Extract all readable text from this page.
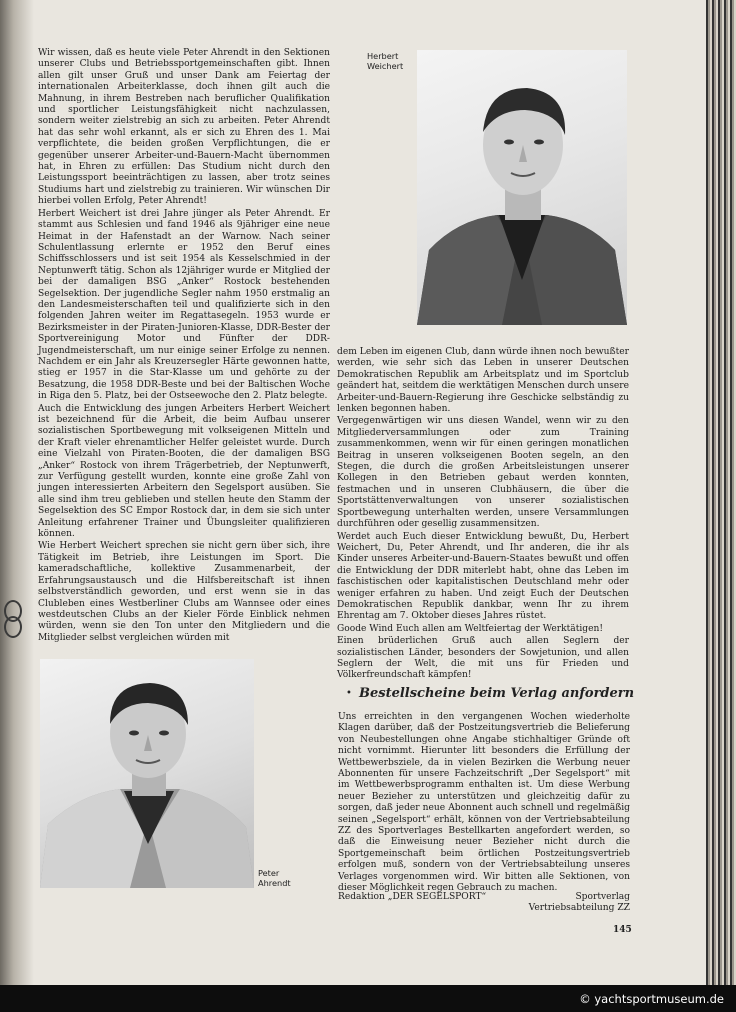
Wir wissen, daß es heute viele Peter Ahrendt in den Sektionen unserer Clubs und Betriebssportgemeinschaften gibt. Ihnen allen gilt unser Gruß und unser Dank am Feiertag der internationalen Arbeiterklasse, doch ihnen gilt auch die Mahnung, in ihrem Bestreben nach beruflicher Qualifikation und sportlicher Leistungsfähigkeit nicht nachzulassen, sondern weiter zielstrebig an sich zu arbeiten. Peter Ahrendt hat das sehr wohl erkannt, als er sich zu Ehren des 1. Mai verpflichtete, die beiden großen Verpflichtungen, die er gegenüber unserer Arbeiter-und-Bauern-Macht übernommen hat, in Ehren zu erfüllen: Das Studium nicht durch den Leistungssport beeinträchtigen zu lassen, aber trotz seines Studiums hart und zielstrebig zu trainieren. Wir wünschen Dir hierbei vollen Erfolg, Peter Ahrendt!

Herbert Weichert ist drei Jahre jünger als Peter Ahrendt. Er stammt aus Schlesien und fand 1946 als 9jähriger eine neue Heimat in der Hafenstadt an der Warnow. Nach seiner Schulentlassung erlernte er 1952 den Beruf eines Schiffsschlossers und ist seit 1954 als Kesselschmied in der Neptunwerft tätig. Schon als 12jähriger wurde er Mitglied der bei der damaligen BSG „Anker“ Rostock bestehenden Segelsektion. Der jugendliche Segler nahm 1950 erstmalig an den Landesmeisterschaften teil und qualifizierte sich in den folgenden Jahren weiter im Regattasegeln. 1953 wurde er Bezirksmeister in der Piraten-Junioren-Klasse, DDR-Bester der Sportvereinigung Motor und Fünfter der DDR-Jugendmeisterschaft, um nur einige seiner Erfolge zu nennen. Nachdem er ein Jahr als Kreuzersegler Härte gewonnen hatte, stieg er 1957 in die Star-Klasse um und gehörte zu der Besatzung, die 1958 DDR-Beste und bei der Baltischen Woche in Riga den 5. Platz, bei der Ostseewoche den 2. Platz belegte.

Auch die Entwicklung des jungen Arbeiters Herbert Weichert ist bezeichnend für die Arbeit, die beim Aufbau unserer sozialistischen Sportbewegung mit volkseigenen Mitteln und der Kraft vieler ehrenamtlicher Helfer geleistet wurde. Durch eine Vielzahl von Piraten-Booten, die der damaligen BSG „Anker“ Rostock von ihrem Trägerbetrieb, der Neptunwerft, zur Verfügung gestellt wurden, konnte eine große Zahl von jungen interessierten Arbeitern den Segelsport ausüben. Sie alle sind ihm treu geblieben und stellen heute den Stamm der Segelsektion des SC Empor Rostock dar, in dem sie sich unter Anleitung erfahrener Trainer und Übungsleiter qualifizieren können.

Wie Herbert Weichert sprechen sie nicht gern über sich, ihre Tätigkeit im Betrieb, ihre Leistungen im Sport. Die kameradschaftliche, kollektive Zusammenarbeit, der Erfahrungsaustausch und die Hilfsbereitschaft ist ihnen selbstverständlich geworden, und erst wenn sie in das Clubleben eines Westberliner Clubs am Wannsee oder eines westdeutschen Clubs an der Kieler Förde Einblick nehmen würden, wenn sie den Ton unter den Mitgliedern und die Mitglieder selbst vergleichen würden mit

Herbert Weichert

dem Leben im eigenen Club, dann würde ihnen noch bewußter werden, wie sehr sich das Leben in unserer Deutschen Demokratischen Republik am Arbeitsplatz und im Sportclub geändert hat, seitdem die werktätigen Menschen durch unsere Arbeiter-und-Bauern-Regierung ihre Geschicke selbständig zu lenken begonnen haben.

Vergegenwärtigen wir uns diesen Wandel, wenn wir zu den Mitgliederversammlungen oder zum Training zusammenkommen, wenn wir für einen geringen monatlichen Beitrag in unseren volkseigenen Booten segeln, an den Stegen, die durch die großen Arbeitsleistungen unserer Kollegen in den Betrieben gebaut werden konnten, festmachen und in unseren Clubhäusern, die über die Sportstättenverwaltungen von unserer sozialistischen Sportbewegung unterhalten werden, unsere Versammlungen durchführen oder gesellig zusammensitzen.

Werdet auch Euch dieser Entwicklung bewußt, Du, Herbert Weichert, Du, Peter Ahrendt, und Ihr anderen, die ihr als Kinder unseres Arbeiter-und-Bauern-Staates bewußt und offen die Entwicklung der DDR miterlebt habt, ohne das Leben im faschistischen oder kapitalistischen Deutschland mehr oder weniger erfahren zu haben. Und zeigt Euch der Deutschen Demokratischen Republik dankbar, wenn Ihr zu ihrem Ehrentag am 7. Oktober dieses Jahres rüstet.

Goode Wind Euch allen am Weltfeiertag der Werktätigen!

Einen brüderlichen Gruß auch allen Seglern der sozialistischen Länder, besonders der Sowjetunion, und allen Seglern der Welt, die mit uns für Frieden und Völkerfreundschaft kämpfen!

• Bestellscheine beim Verlag anfordern

Uns erreichten in den vergangenen Wochen wiederholte Klagen darüber, daß der Postzeitungsvertrieb die Belieferung von Neubestellungen ohne Angabe stichhaltiger Gründe oft nicht vornimmt. Hierunter litt besonders die Erfüllung der Wettbewerbsziele, da in vielen Bezirken die Werbung neuer Abonnenten für unsere Fachzeitschrift „Der Segelsport“ mit im Wettbewerbsprogramm enthalten ist. Um diese Werbung neuer Bezieher zu unterstützen und gleichzeitig dafür zu sorgen, daß jeder neue Abonnent auch schnell und regelmäßig seinen „Segelsport“ erhält, können von der Vertriebsabteilung ZZ des Sportverlages Bestellkarten angefordert werden, so daß die Einweisung neuer Bezieher nicht durch die Sportgemeinschaft beim örtlichen Postzeitungsvertrieb erfolgen muß, sondern von der Vertriebsabteilung unseres Verlages vorgenommen wird. Wir bitten alle Sektionen, von dieser Möglichkeit regen Gebrauch zu machen.

Redaktion „DER SEGELSPORT“	Sportverlag
Vertriebsabteilung ZZ
Peter Ahrendt
145
© yachtsportmuseum.de
